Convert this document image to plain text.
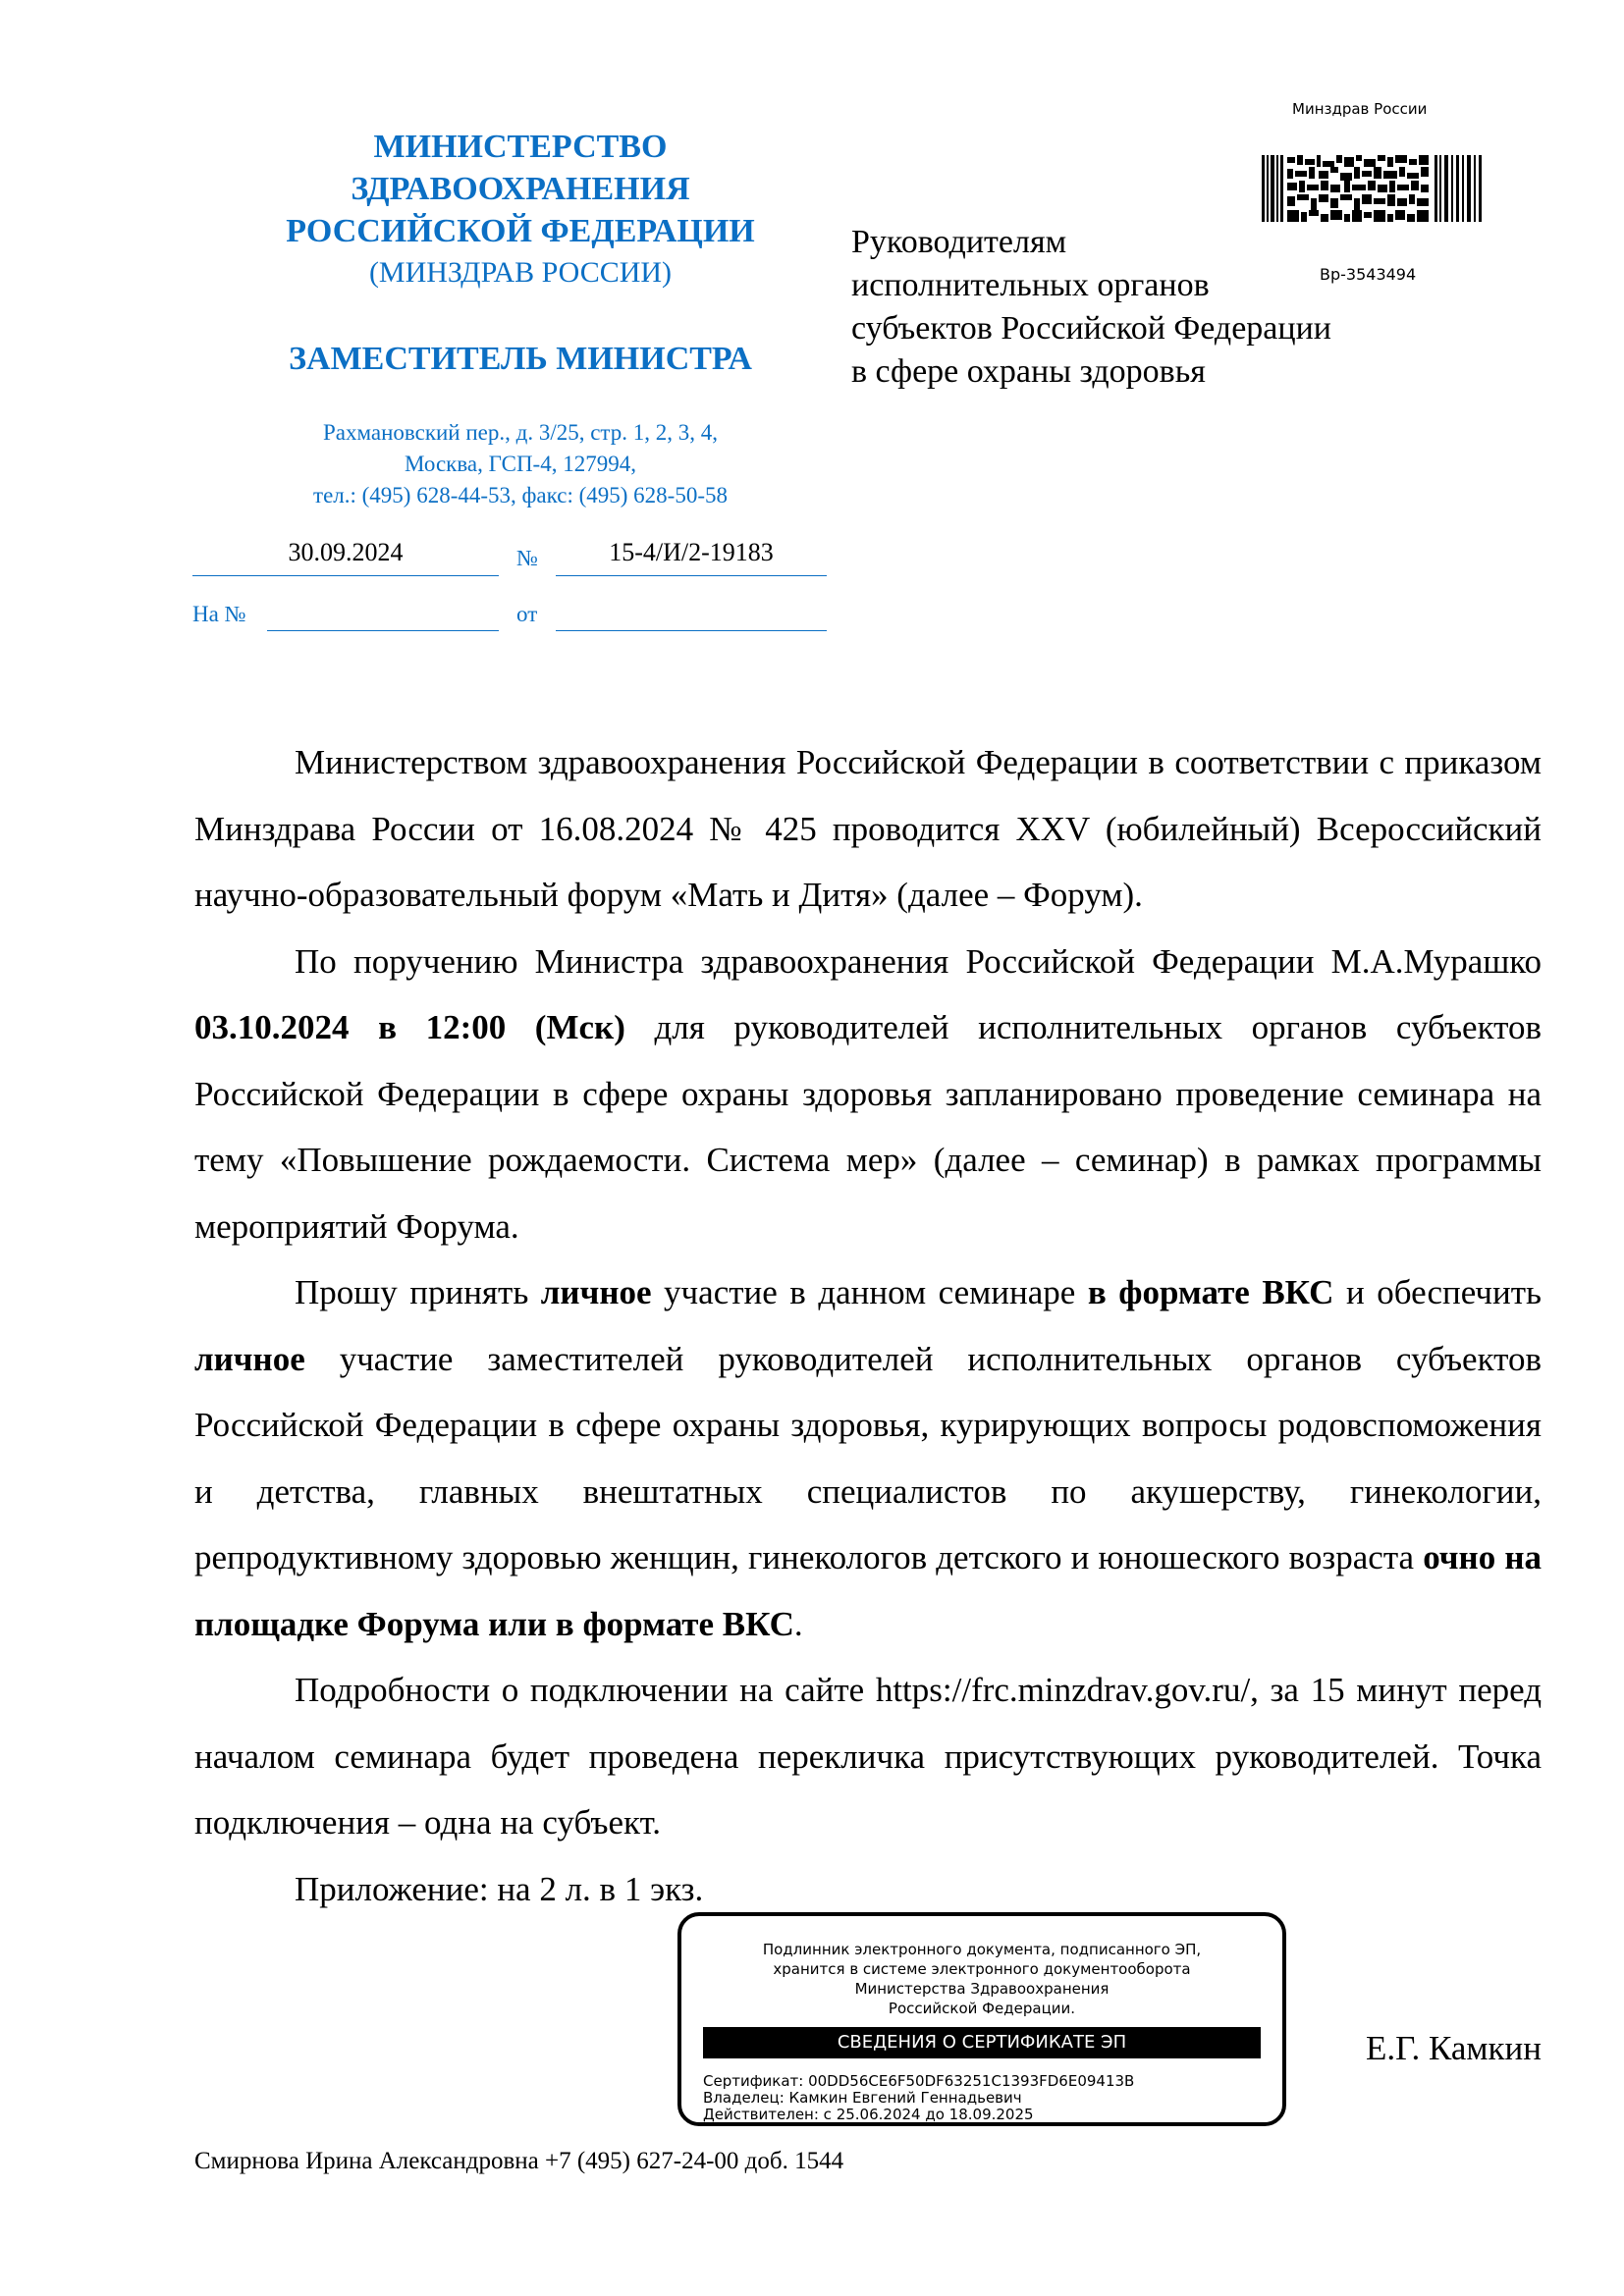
МИНИСТЕРСТВО
ЗДРАВООХРАНЕНИЯ
РОССИЙСКОЙ ФЕДЕРАЦИИ
(МИНЗДРАВ РОССИИ)
ЗАМЕСТИТЕЛЬ МИНИСТРА
Рахмановский пер., д. 3/25, стр. 1, 2, 3, 4,
Москва, ГСП-4, 127994,
тел.: (495) 628-44-53, факс: (495) 628-50-58
30.09.2024	№	15-4/И/2-19183
На №	от
Минздрав России
Вр-3543494
Руководителям
исполнительных органов
субъектов Российской Федерации
в сфере охраны здоровья

Министерством здравоохранения Российской Федерации в соответствии с приказом Минздрава России от 16.08.2024 № 425 проводится XXV (юбилейный) Всероссийский научно-образовательный форум «Мать и Дитя» (далее – Форум).

По поручению Министра здравоохранения Российской Федерации М.А.Мурашко 03.10.2024 в 12:00 (Мск) для руководителей исполнительных органов субъектов Российской Федерации в сфере охраны здоровья запланировано проведение семинара на тему «Повышение рождаемости. Система мер» (далее – семинар) в рамках программы мероприятий Форума.

Прошу принять личное участие в данном семинаре в формате ВКС и обеспечить личное участие заместителей руководителей исполнительных органов субъектов Российской Федерации в сфере охраны здоровья, курирующих вопросы родовспоможения и детства, главных внештатных специалистов по акушерству, гинекологии, репродуктивному здоровью женщин, гинекологов детского и юношеского возраста очно на площадке Форума или в формате ВКС.

Подробности о подключении на сайте https://frc.minzdrav.gov.ru/, за 15 минут перед началом семинара будет проведена перекличка присутствующих руководителей. Точка подключения – одна на субъект.

Приложение: на 2 л. в 1 экз.

Смирнова Ирина Александровна +7 (495) 627-24-00 доб. 1544
Подлинник электронного документа, подписанного ЭП,
хранится в системе электронного документооборота
Министерства Здравоохранения
Российской Федерации.
СВЕДЕНИЯ О СЕРТИФИКАТЕ ЭП
Сертификат: 00DD56CE6F50DF63251C1393FD6E09413B
Владелец: Камкин Евгений Геннадьевич
Действителен: с 25.06.2024 до 18.09.2025
Е.Г. Камкин
